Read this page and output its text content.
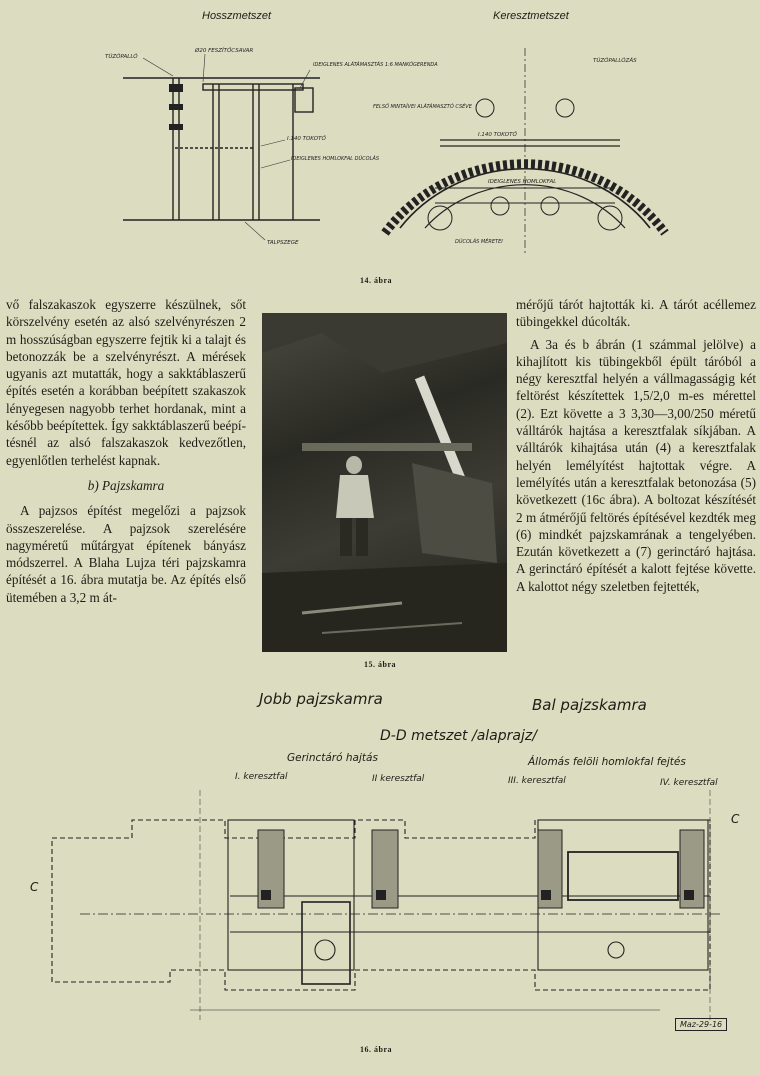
Hosszmetszet	Keresztmetszet
TÚZÓPALLÓ
Ø20 FESZÍTŐCSAVAR
IDEIGLENES ALÁTÁMASZTÁS 1:6 MANKÓGERENDA
I.140 TOKOTŐ
IDEIGLENES HOMLOKFAL DÚCOLÁS
TALPSZEGE
TÚZÓPALLÓZÁS
FELSŐ MINTAÍVEI ALÁTÁMASZTÓ CSÉVE
I.140 TOKOTŐ
IDEIGLENES HOMLOKFAL
DÚCOLÁS MÉRETEI
14. ábra

vő falszakaszok egyszerre készülnek, sőt körszelvény esetén az alsó szelvényrészen 2 m hosszúságban egyszerre fejtik ki a talajt és betonozzák be a szelvényrészt. A mérések ugyanis azt mutatták, hogy a sakktáblaszerű építés esetén a korábban beépített szakaszok lényegesen nagyobb terhet hordanak, mint a később beépítettek. Így sakktáblaszerű beépítésnél az alsó falszakaszok kedvezőtlen, egyenlőtlen terhelést kapnak.

b) Pajzskamra

A pajzsos építést megelőzi a pajzsok összeszerelése. A pajzsok szerelésére nagyméretű műtárgyat építenek bányász módszerrel. A Blaha Lujza téri pajzskamra építését a 16. ábra mutatja be. Az építés első ütemében a 3,2 m át-

15. ábra

mérőjű tárót hajtották ki. A tárót acéllemez tübingekkel dúcolták.

A 3a és b ábrán (1 számmal jelölve) a kihajlított kis tübingekből épült táróból a négy keresztfal helyén a vállmagasságig két feltörést készítettek 1,5/2,0 m-es mérettel (2). Ezt követte a 3 3,30—3,00/250 méretű válltárók hajtása a keresztfalak síkjában. A válltárók kihajtása után (4) a keresztfalak helyén lemélyítést hajtottak végre. A lemélyítés után a keresztfalak betonozása (5) következett (16c ábra). A boltozat készítését 2 m átmérőjű feltörés építésével kezdték meg (6) mindkét pajzskamrának a tengelyében. Ezután következett a (7) gerinctáró hajtása. A gerinctáró építését a kalott fejtése követte. A kalottot négy szeletben fejtették,

Jobb pajzskamra	Bal pajzskamra
D-D metszet /alaprajz/
Gerinctáró hajtás	Állomás felöli homlokfal fejtés
I. keresztfal	II keresztfal	III. keresztfal	IV. keresztfal
C
C
Mаz-29-16
16. ábra
